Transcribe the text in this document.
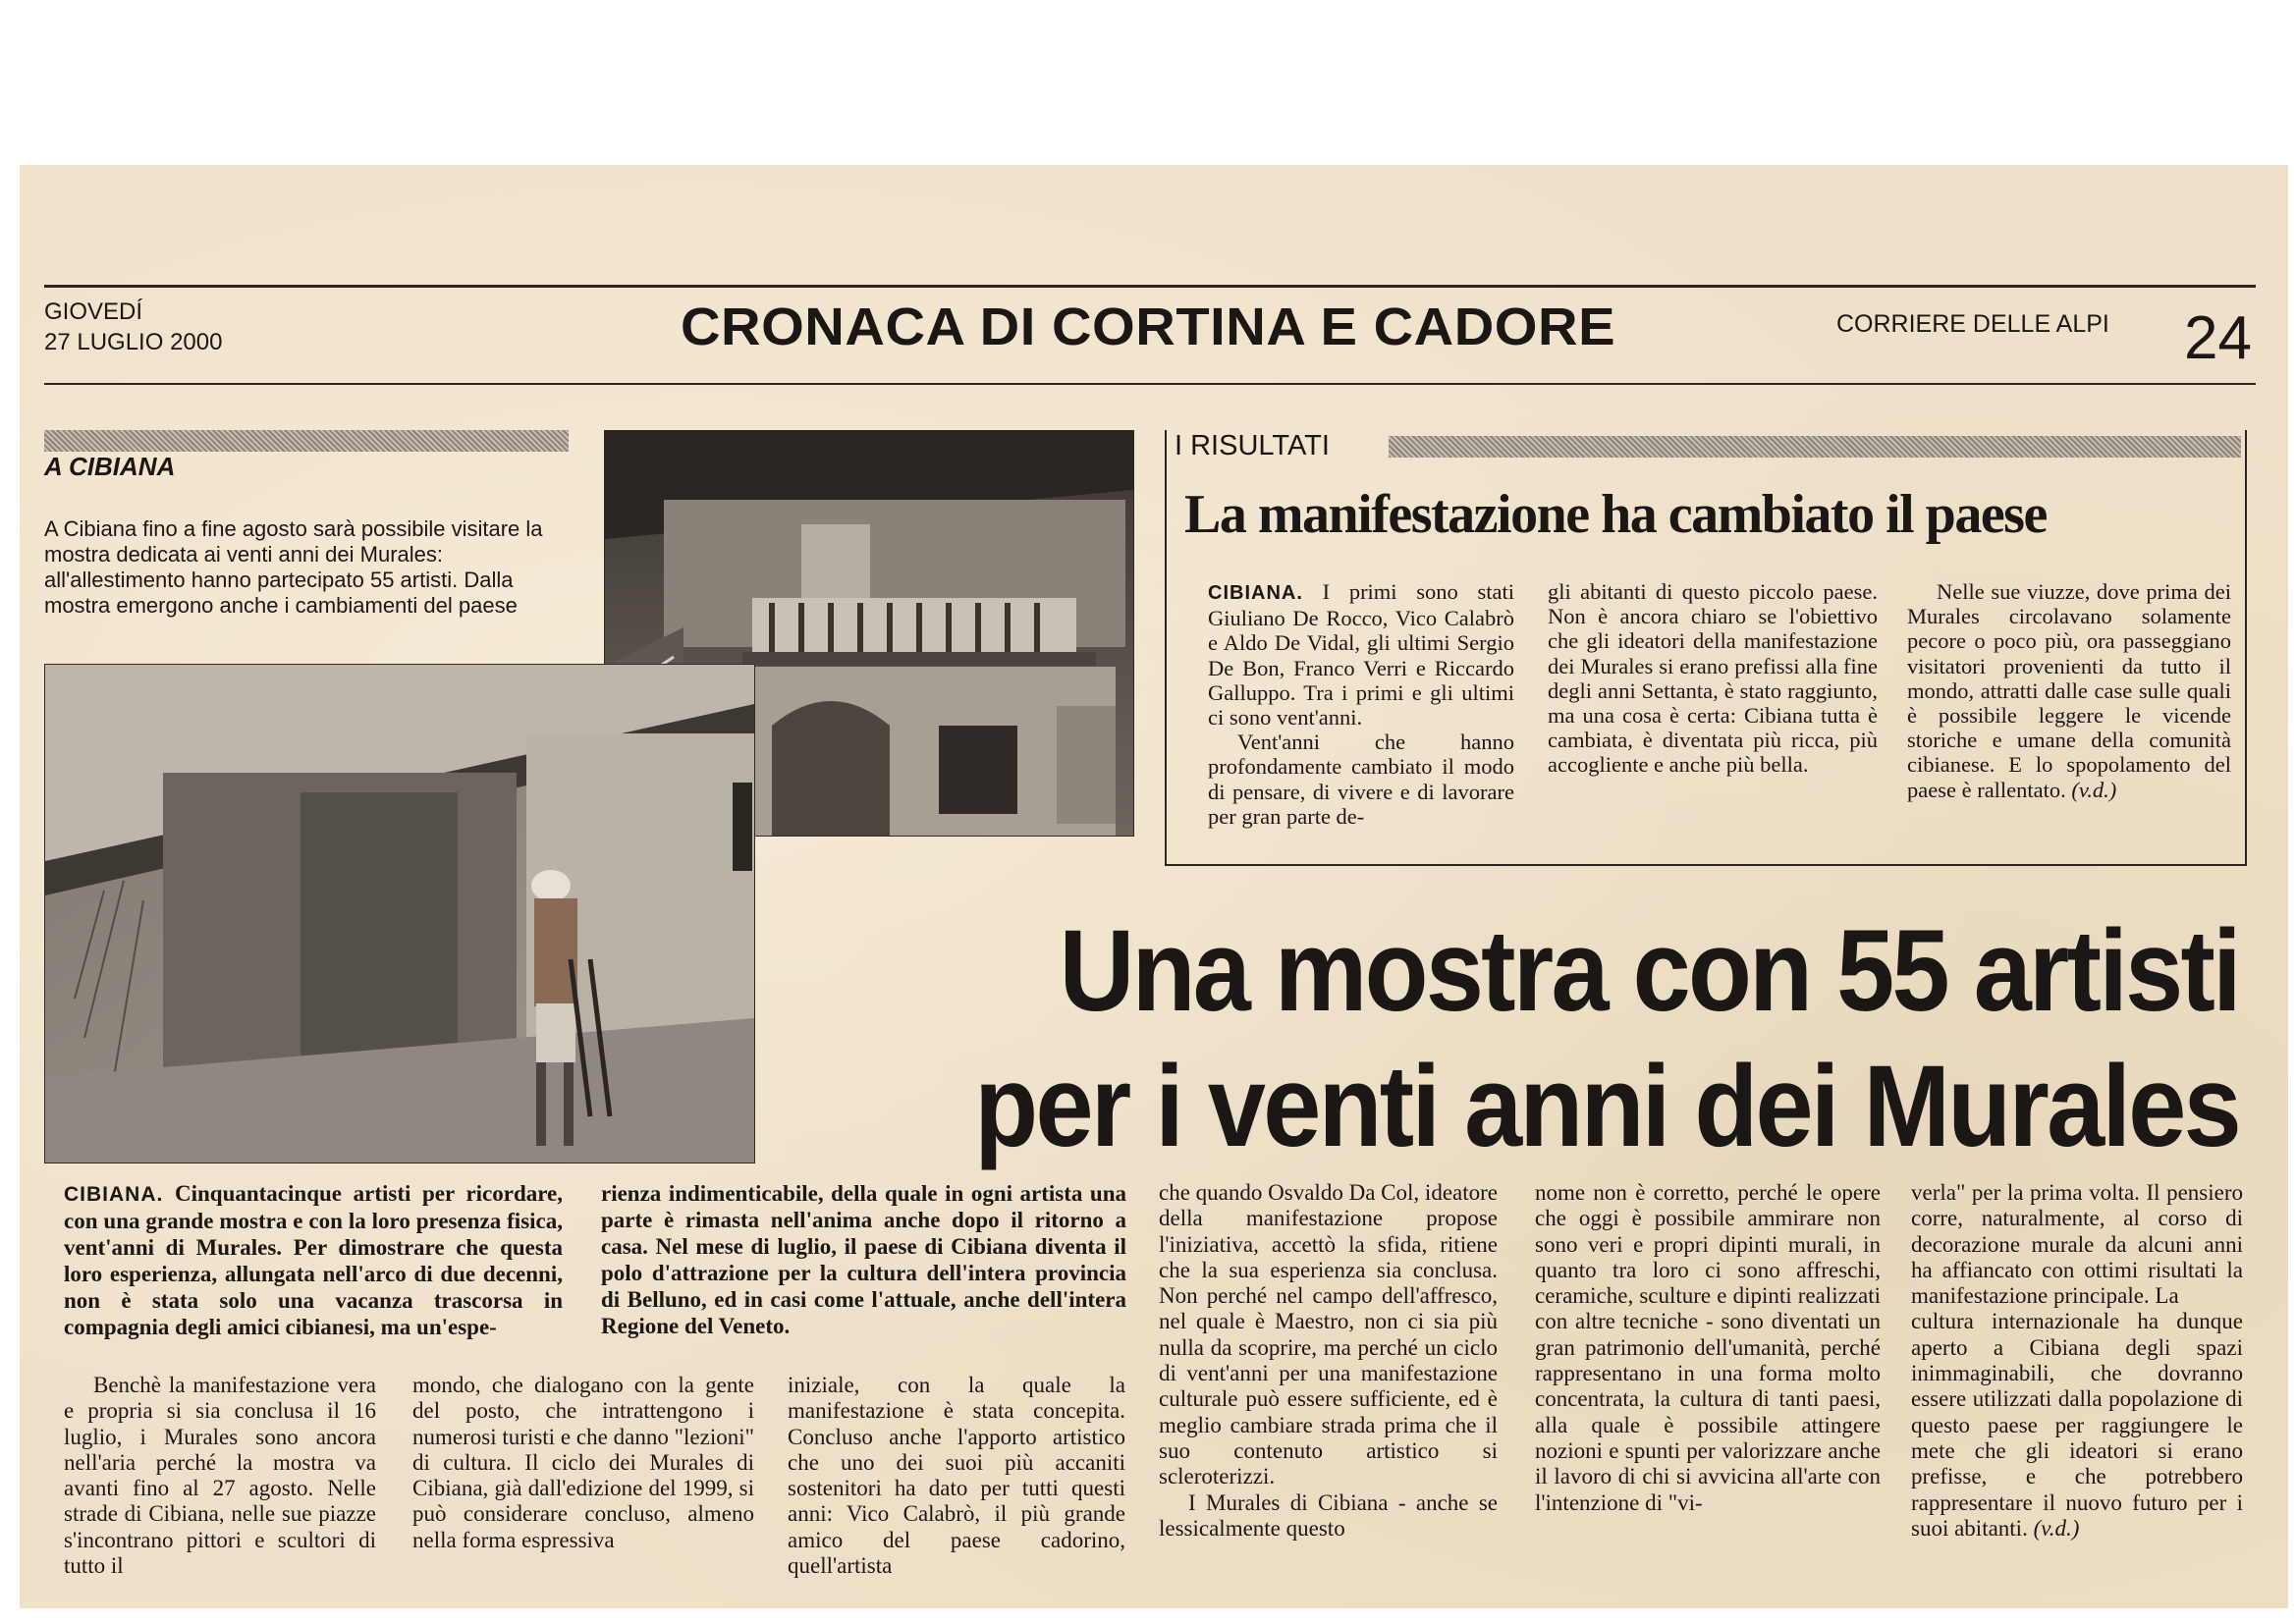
GIOVEDÍ
27 LUGLIO 2000	CRONACA DI CORTINA E CADORE	CORRIERE DELLE ALPI 24
A CIBIANA
A Cibiana fino a fine agosto sarà possibile visitare la mostra dedicata ai venti anni dei Murales: all'allestimento hanno partecipato 55 artisti. Dalla mostra emergono anche i cambiamenti del paese
I RISULTATI
La manifestazione ha cambiato il paese

CIBIANA. I primi sono stati Giuliano De Rocco, Vico Calabrò e Aldo De Vidal, gli ultimi Sergio De Bon, Franco Verri e Riccardo Galluppo. Tra i primi e gli ultimi ci sono vent'anni.

Vent'anni che hanno profondamente cambiato il modo di pensare, di vivere e di lavorare per gran parte de-

gli abitanti di questo piccolo paese. Non è ancora chiaro se l'obiettivo che gli ideatori della manifestazione dei Murales si erano prefissi alla fine degli anni Settanta, è stato raggiunto, ma una cosa è certa: Cibiana tutta è cambiata, è diventata più ricca, più accogliente e anche più bella.

Nelle sue viuzze, dove prima dei Murales circolavano solamente pecore o poco più, ora passeggiano visitatori provenienti da tutto il mondo, attratti dalle case sulle quali è possibile leggere le vicende storiche e umane della comunità cibianese. E lo spopolamento del paese è rallentato. (v.d.)

Una mostra con 55 artisti
per i venti anni dei Murales
CIBIANA. Cinquantacinque artisti per ricordare, con una grande mostra e con la loro presenza fisica, vent'anni di Murales. Per dimostrare che questa loro esperienza, allungata nell'arco di due decenni, non è stata solo una vacanza trascorsa in compagnia degli amici cibianesi, ma un'espe-
rienza indimenticabile, della quale in ogni artista una parte è rimasta nell'anima anche dopo il ritorno a casa. Nel mese di luglio, il paese di Cibiana diventa il polo d'attrazione per la cultura dell'intera provincia di Belluno, ed in casi come l'attuale, anche dell'intera Regione del Veneto.

Benchè la manifestazione vera e propria si sia conclusa il 16 luglio, i Murales sono ancora nell'aria perché la mostra va avanti fino al 27 agosto. Nelle strade di Cibiana, nelle sue piazze s'incontrano pittori e scultori di tutto il

mondo, che dialogano con la gente del posto, che intrattengono i numerosi turisti e che danno "lezioni" di cultura. Il ciclo dei Murales di Cibiana, già dall'edizione del 1999, si può considerare concluso, almeno nella forma espressiva

iniziale, con la quale la manifestazione è stata concepita. Concluso anche l'apporto artistico che uno dei suoi più accaniti sostenitori ha dato per tutti questi anni: Vico Calabrò, il più grande amico del paese cadorino, quell'artista

che quando Osvaldo Da Col, ideatore della manifestazione propose l'iniziativa, accettò la sfida, ritiene che la sua esperienza sia conclusa. Non perché nel campo dell'affresco, nel quale è Maestro, non ci sia più nulla da scoprire, ma perché un ciclo di vent'anni per una manifestazione culturale può essere sufficiente, ed è meglio cambiare strada prima che il suo contenuto artistico si scleroterizzi.

I Murales di Cibiana - anche se lessicalmente questo

nome non è corretto, perché le opere che oggi è possibile ammirare non sono veri e propri dipinti murali, in quanto tra loro ci sono affreschi, ceramiche, sculture e dipinti realizzati con altre tecniche - sono diventati un gran patrimonio dell'umanità, perché rappresentano in una forma molto concentrata, la cultura di tanti paesi, alla quale è possibile attingere nozioni e spunti per valorizzare anche il lavoro di chi si avvicina all'arte con l'intenzione di "vi-

verla" per la prima volta. Il pensiero corre, naturalmente, al corso di decorazione murale da alcuni anni ha affiancato con ottimi risultati la manifestazione principale. La

cultura internazionale ha dunque aperto a Cibiana degli spazi inimmaginabili, che dovranno essere utilizzati dalla popolazione di questo paese per raggiungere le mete che gli ideatori si erano prefisse, e che potrebbero rappresentare il nuovo futuro per i suoi abitanti. (v.d.)
